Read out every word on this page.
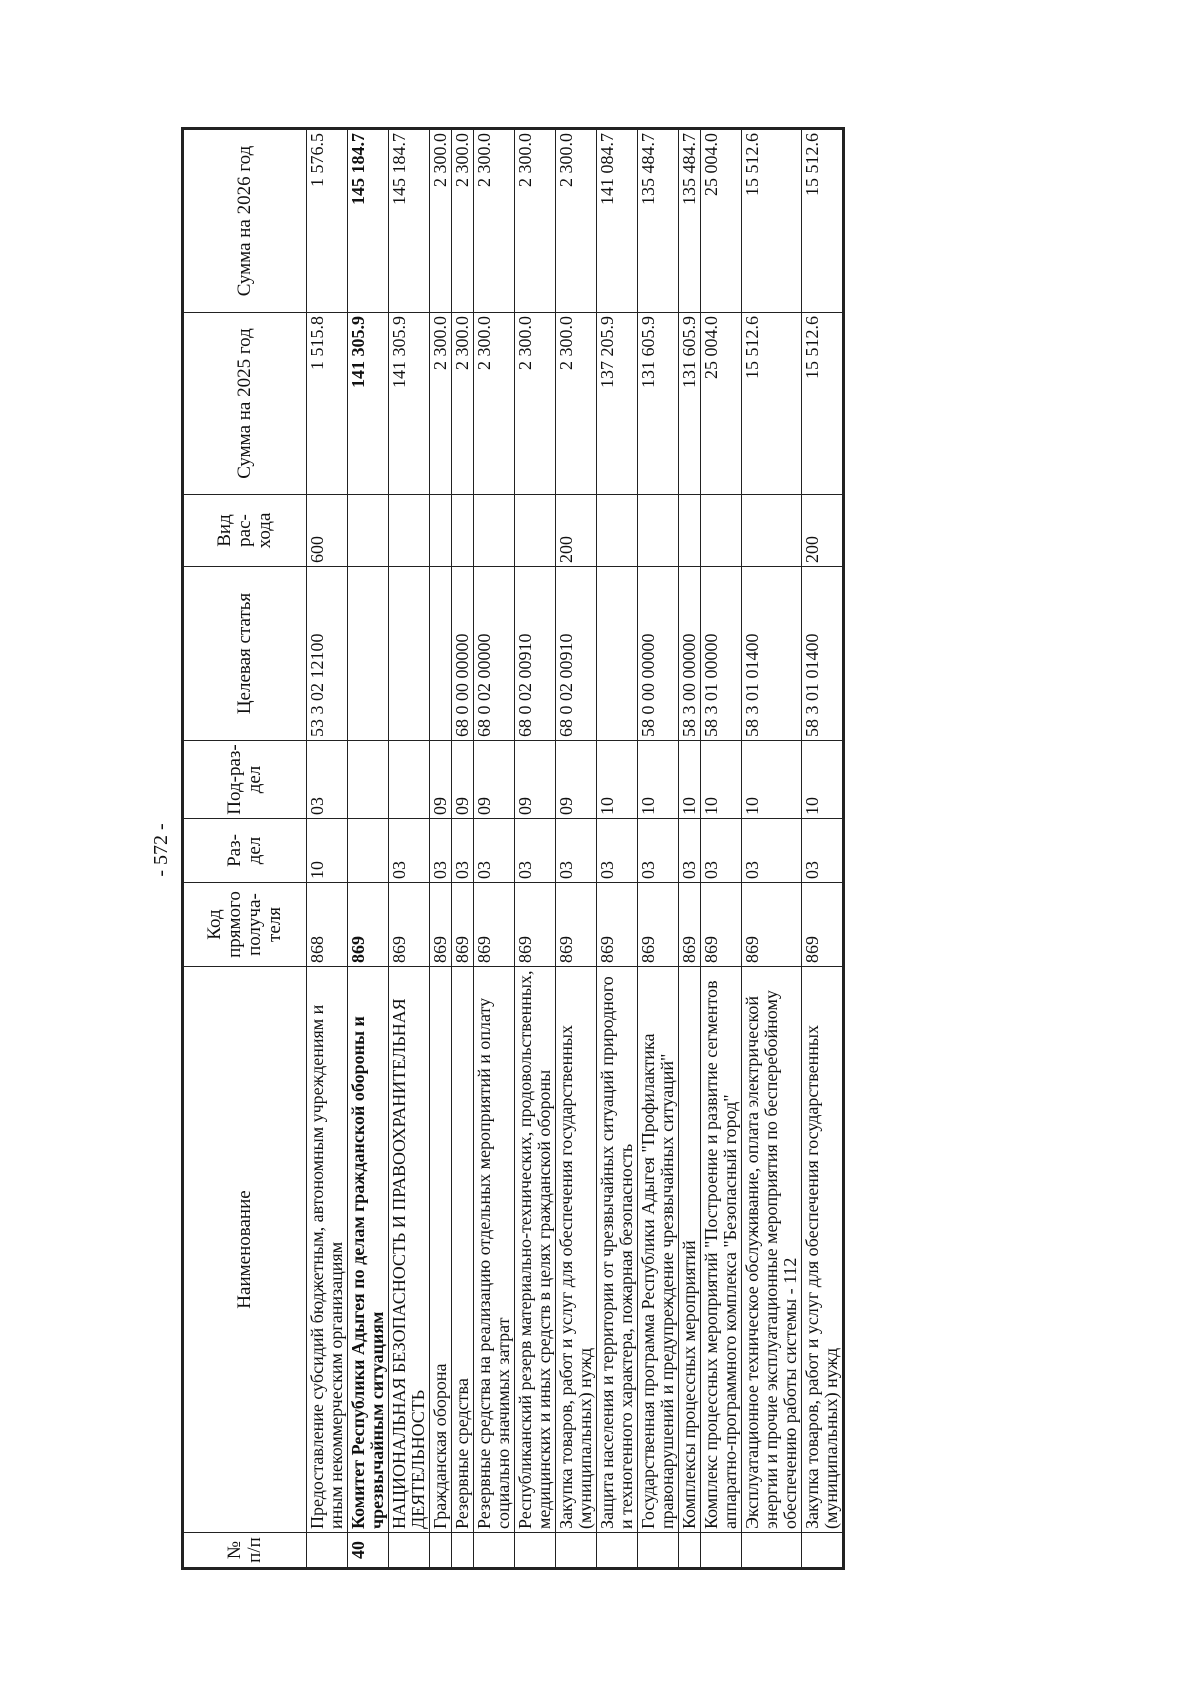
- 572 -
№ п/п	Наименование	Код прямого получа-теля	Раз-дел	Под-раз-дел	Целевая статья	Вид рас-хода	Сумма на 2025 год	Сумма на 2026 год
	Предоставление субсидий бюджетным, автономным учреждениям и иным некоммерческим организациям	868	10	03	53 3 02 12100	600	1 515.8	1 576.5
40	Комитет Республики Адыгея по делам гражданской обороны и чрезвычайным ситуациям	869					141 305.9	145 184.7
	НАЦИОНАЛЬНАЯ БЕЗОПАСНОСТЬ И ПРАВООХРАНИТЕЛЬНАЯ ДЕЯТЕЛЬНОСТЬ	869	03				141 305.9	145 184.7
	Гражданская оборона	869	03	09			2 300.0	2 300.0
	Резервные средства	869	03	09	68 0 00 00000		2 300.0	2 300.0
	Резервные средства на реализацию отдельных мероприятий и оплату социально значимых затрат	869	03	09	68 0 02 00000		2 300.0	2 300.0
	Республиканский резерв материально-технических, продовольственных, медицинских и иных средств в целях гражданской обороны	869	03	09	68 0 02 00910		2 300.0	2 300.0
	Закупка товаров, работ и услуг для обеспечения государственных (муниципальных) нужд	869	03	09	68 0 02 00910	200	2 300.0	2 300.0
	Защита населения и территории от чрезвычайных ситуаций природного и техногенного характера, пожарная безопасность	869	03	10			137 205.9	141 084.7
	Государственная программа Республики Адыгея "Профилактика правонарушений и предупреждение чрезвычайных ситуаций"	869	03	10	58 0 00 00000		131 605.9	135 484.7
	Комплексы процессных мероприятий	869	03	10	58 3 00 00000		131 605.9	135 484.7
	Комплекс процессных мероприятий "Построение и развитие сегментов аппаратно-программного комплекса "Безопасный город"	869	03	10	58 3 01 00000		25 004.0	25 004.0
	Эксплуатационное техническое обслуживание, оплата электрической энергии и прочие эксплуатационные мероприятия по бесперебойному обеспечению работы системы - 112	869	03	10	58 3 01 01400		15 512.6	15 512.6
	Закупка товаров, работ и услуг для обеспечения государственных (муниципальных) нужд	869	03	10	58 3 01 01400	200	15 512.6	15 512.6
